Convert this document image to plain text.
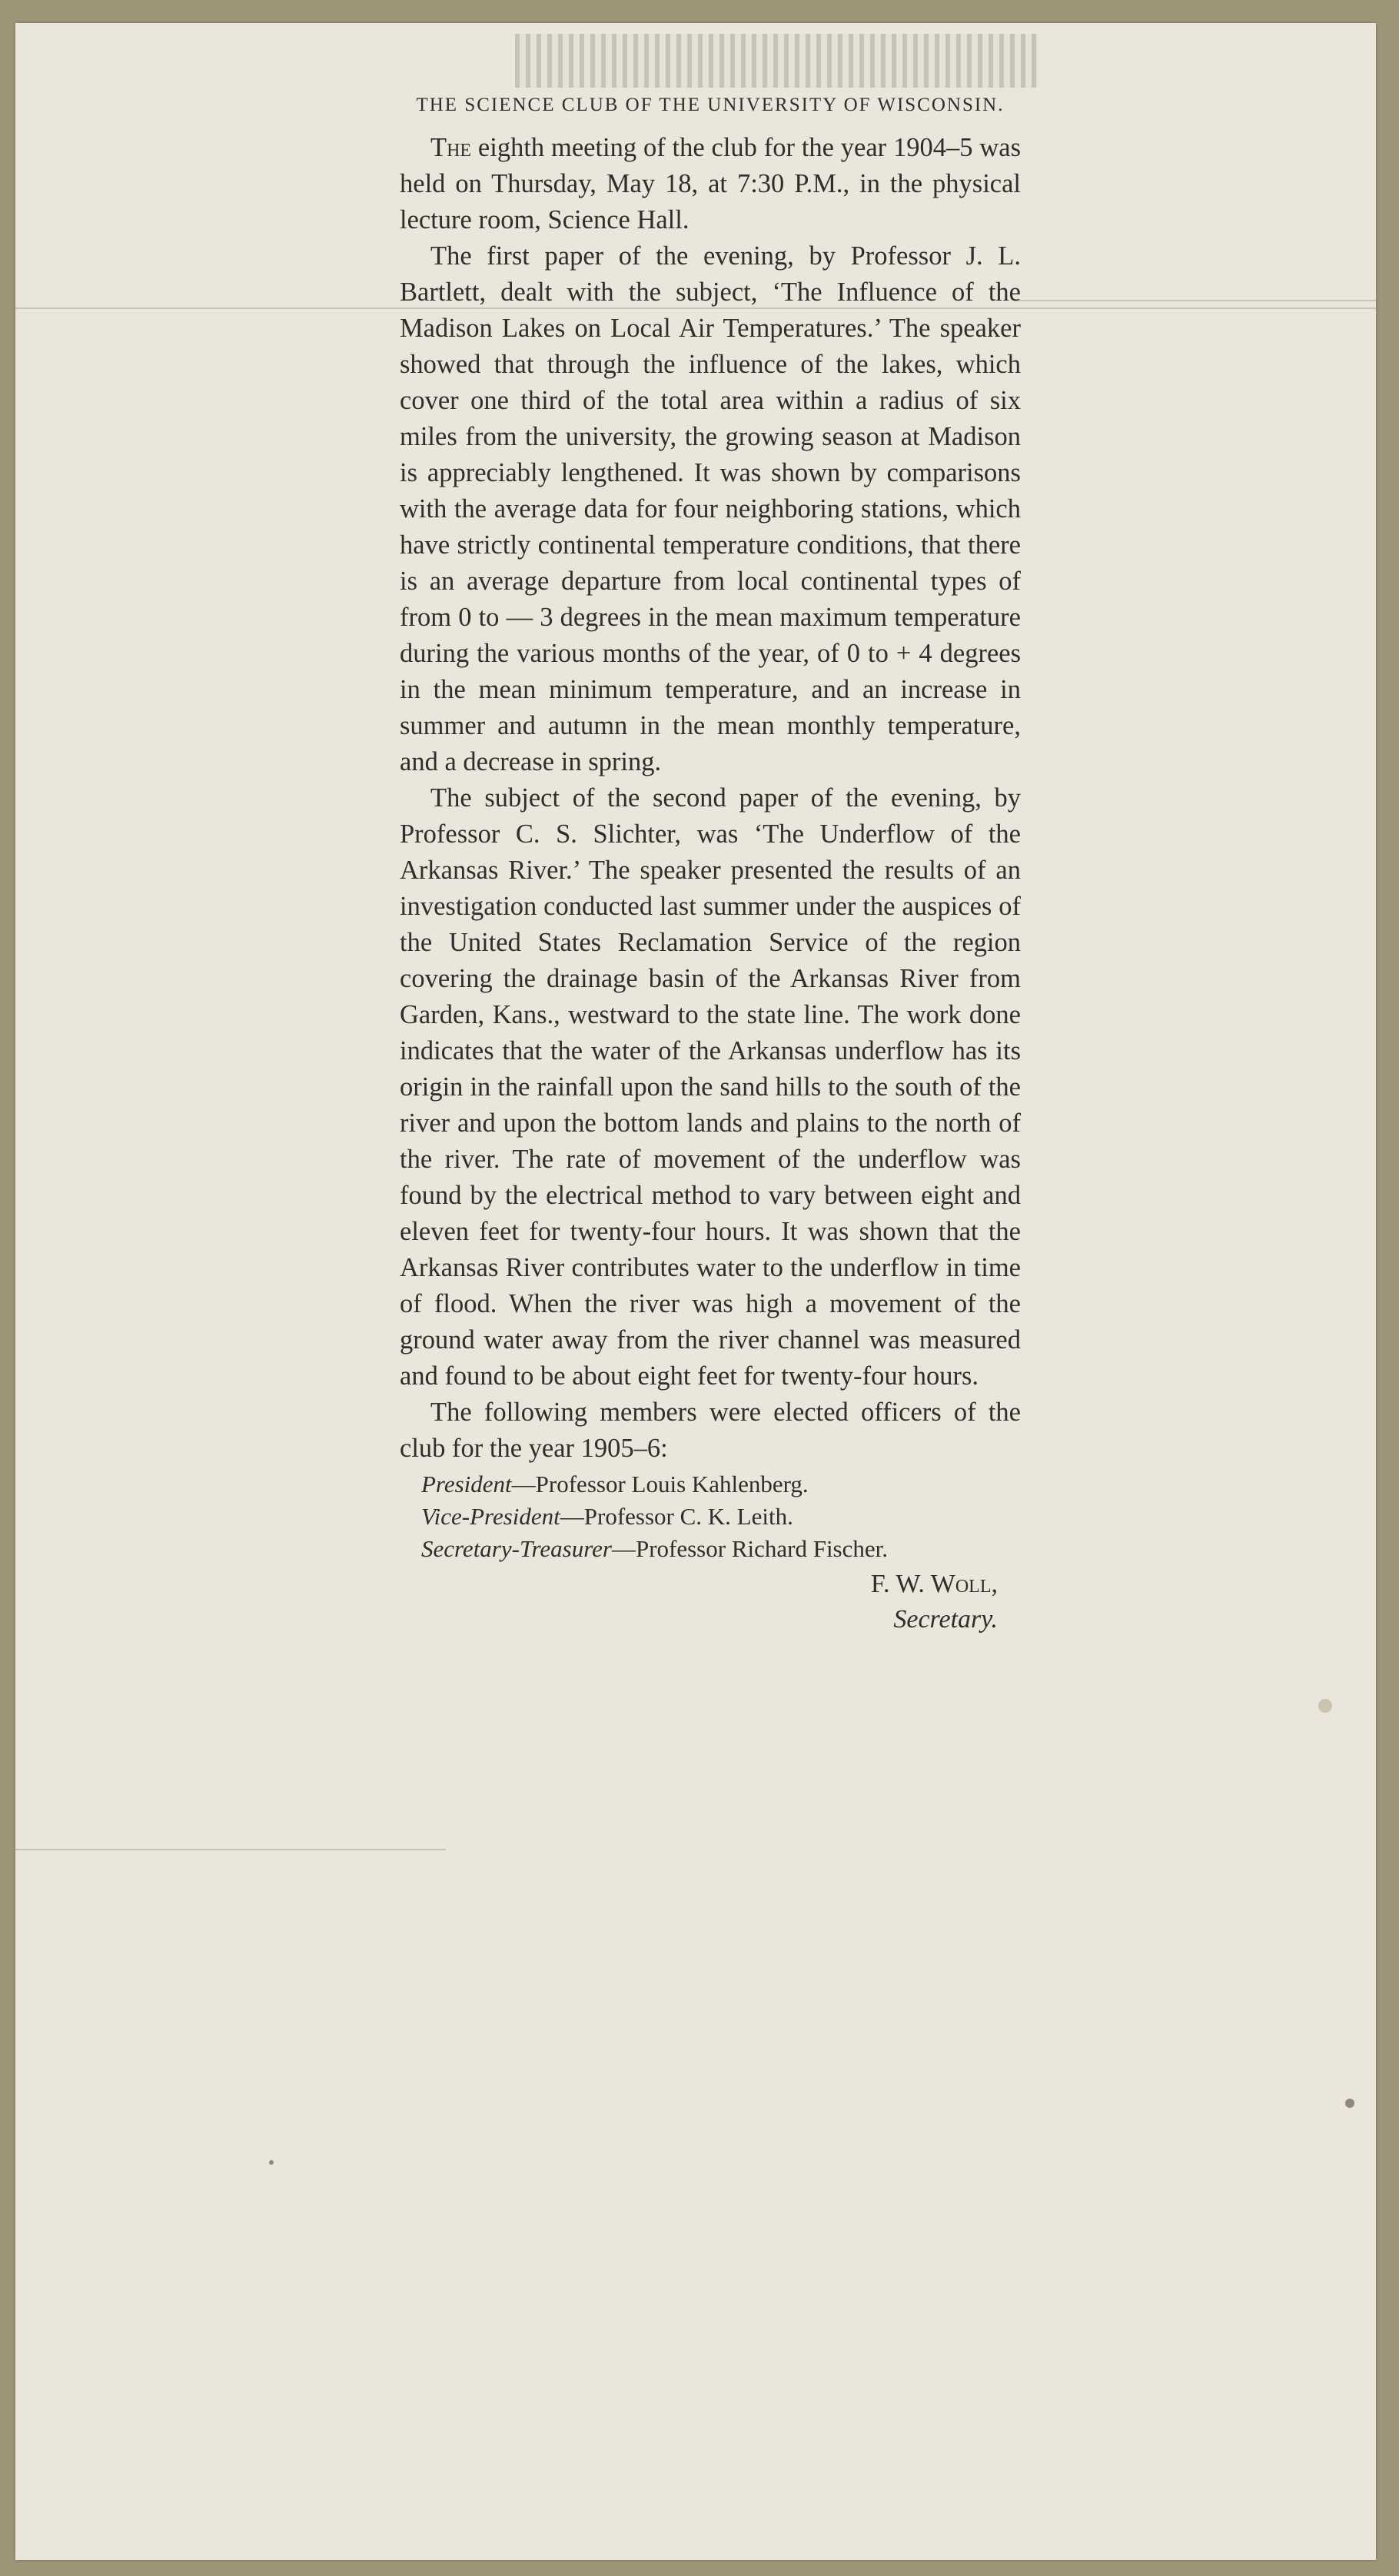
THE SCIENCE CLUB OF THE UNIVERSITY OF WISCONSIN.

The eighth meeting of the club for the year 1904–5 was held on Thursday, May 18, at 7:30 P.M., in the physical lecture room, Science Hall.

The first paper of the evening, by Professor J. L. Bartlett, dealt with the subject, ‘The Influence of the Madison Lakes on Local Air Temperatures.’ The speaker showed that through the influence of the lakes, which cover one third of the total area within a radius of six miles from the university, the growing season at Madison is appreciably lengthened. It was shown by comparisons with the average data for four neighboring stations, which have strictly continental temperature conditions, that there is an average departure from local continental types of from 0 to — 3 degrees in the mean maximum temperature during the various months of the year, of 0 to + 4 degrees in the mean minimum temperature, and an increase in summer and autumn in the mean monthly temperature, and a decrease in spring.

The subject of the second paper of the evening, by Professor C. S. Slichter, was ‘The Underflow of the Arkansas River.’ The speaker presented the results of an investigation conducted last summer under the auspices of the United States Reclamation Service of the region covering the drainage basin of the Arkansas River from Garden, Kans., westward to the state line. The work done indicates that the water of the Arkansas underflow has its origin in the rainfall upon the sand hills to the south of the river and upon the bottom lands and plains to the north of the river. The rate of movement of the underflow was found by the electrical method to vary between eight and eleven feet for twenty-four hours. It was shown that the Arkansas River contributes water to the underflow in time of flood. When the river was high a movement of the ground water away from the river channel was measured and found to be about eight feet for twenty-four hours.

The following members were elected officers of the club for the year 1905–6:

President—Professor Louis Kahlenberg.

Vice-President—Professor C. K. Leith.

Secretary-Treasurer—Professor Richard Fischer.

F. W. Woll,
Secretary.
